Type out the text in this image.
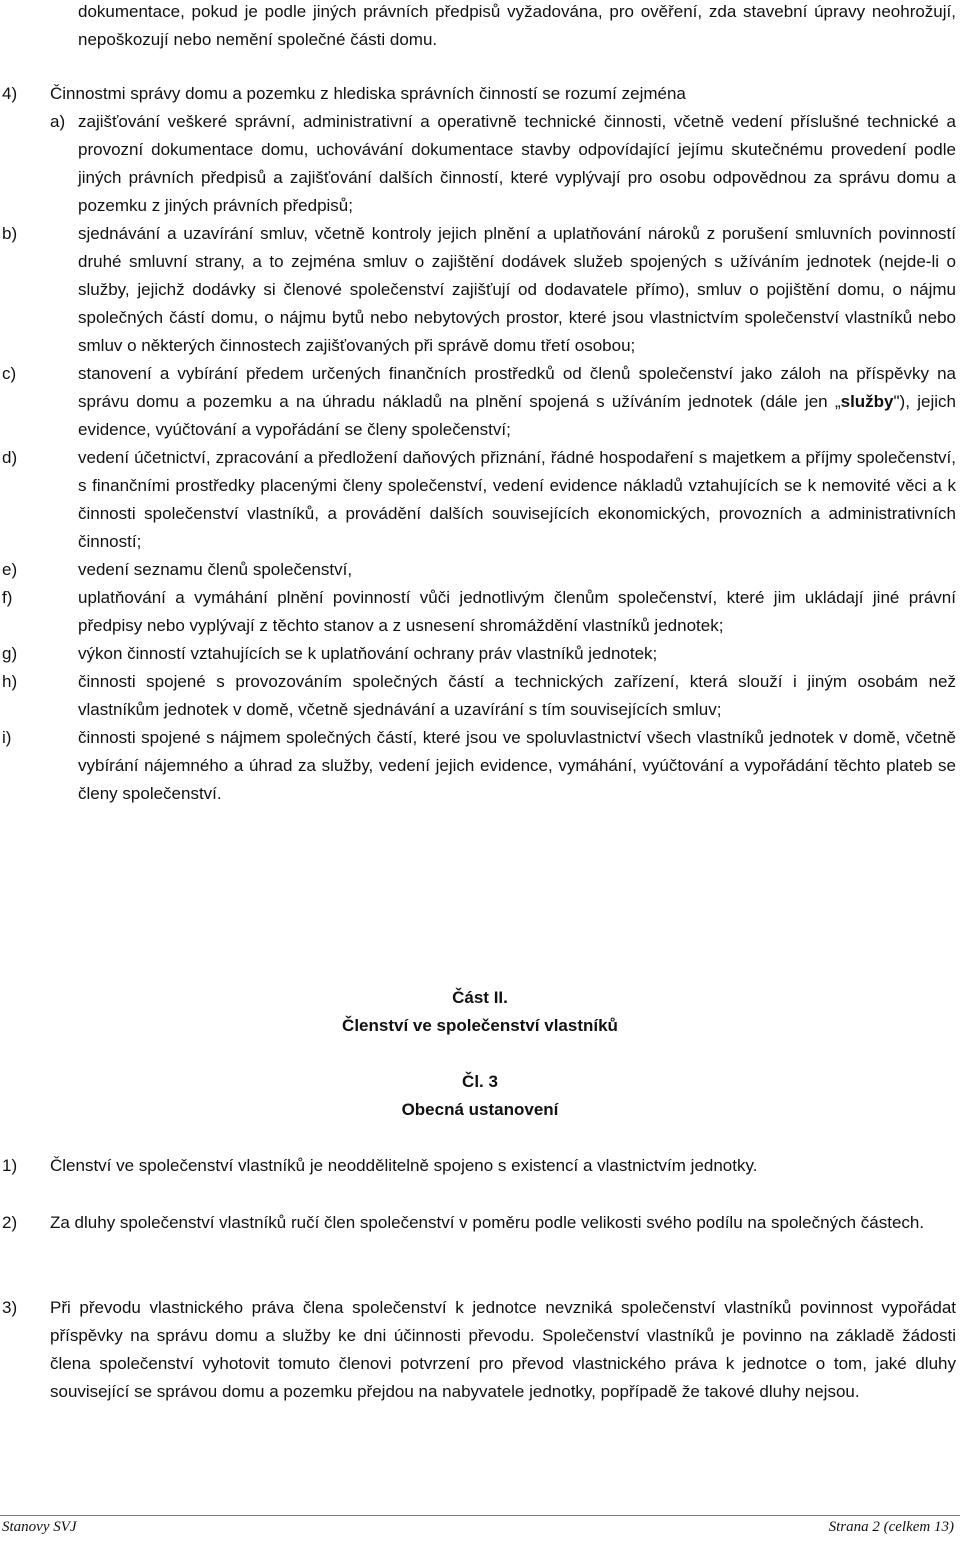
dokumentace, pokud je podle jiných právních předpisů vyžadována, pro ověření, zda stavební úpravy neohrožují, nepoškozují nebo nemění společné části domu.
4)	Činnostmi správy domu a pozemku z hlediska správních činností se rozumí zejména
a) zajišťování veškeré správní, administrativní a operativně technické činnosti, včetně vedení příslušné technické a provozní dokumentace domu, uchovávání dokumentace stavby odpovídající jejímu skutečnému provedení podle jiných právních předpisů a zajišťování dalších činností, které vyplývají pro osobu odpovědnou za správu domu a pozemku z jiných právních předpisů;
b)	sjednávání a uzavírání smluv, včetně kontroly jejich plnění a uplatňování nároků z porušení smluvních povinností druhé smluvní strany, a to zejména smluv o zajištění dodávek služeb spojených s užíváním jednotek (nejde-li o služby, jejichž dodávky si členové společenství zajišťují od dodavatele přímo), smluv o pojištění domu, o nájmu společných částí domu, o nájmu bytů nebo nebytových prostor, které jsou vlastnictvím společenství vlastníků nebo smluv o některých činnostech zajišťovaných při správě domu třetí osobou;
c)	stanovení a vybírání předem určených finančních prostředků od členů společenství jako záloh na příspěvky na správu domu a pozemku a na úhradu nákladů na plnění spojená s užíváním jednotek (dále jen „služby"), jejich evidence, vyúčtování a vypořádání se členy společenství;
d)	vedení účetnictví, zpracování a předložení daňových přiznání, řádné hospodaření s majetkem a příjmy společenství, s finančními prostředky placenými členy společenství, vedení evidence nákladů vztahujících se k nemovité věci a k činnosti společenství vlastníků, a provádění dalších souvisejících ekonomických, provozních a administrativních činností;
e)	vedení seznamu členů společenství,
f)	uplatňování a vymáhání plnění povinností vůči jednotlivým členům společenství, které jim ukládají jiné právní předpisy nebo vyplývají z těchto stanov a z usnesení shromáždění vlastníků jednotek;
g)	výkon činností vztahujících se k uplatňování ochrany práv vlastníků jednotek;
h)	činnosti spojené s provozováním společných částí a technických zařízení, která slouží i jiným osobám než vlastníkům jednotek v domě, včetně sjednávání a uzavírání s tím souvisejících smluv;
i)	činnosti spojené s nájmem společných částí, které jsou ve spoluvlastnictví všech vlastníků jednotek v domě, včetně vybírání nájemného a úhrad za služby, vedení jejich evidence, vymáhání, vyúčtování a vypořádání těchto plateb se členy společenství.
Část II.
Členství ve společenství vlastníků
Čl. 3
Obecná ustanovení
1)	Členství ve společenství vlastníků je neoddělitelně spojeno s existencí a vlastnictvím jednotky.
2)	Za dluhy společenství vlastníků ručí člen společenství v poměru podle velikosti svého podílu na společných částech.
3)	Při převodu vlastnického práva člena společenství k jednotce nevzniká společenství vlastníků povinnost vypořádat příspěvky na správu domu a služby ke dni účinnosti převodu. Společenství vlastníků je povinno na základě žádosti člena společenství vyhotovit tomuto členovi potvrzení pro převod vlastnického práva k jednotce o tom, jaké dluhy související se správou domu a pozemku přejdou na nabyvatele jednotky, popřípadě že takové dluhy nejsou.
Stanovy SVJ	Strana 2 (celkem 13)
